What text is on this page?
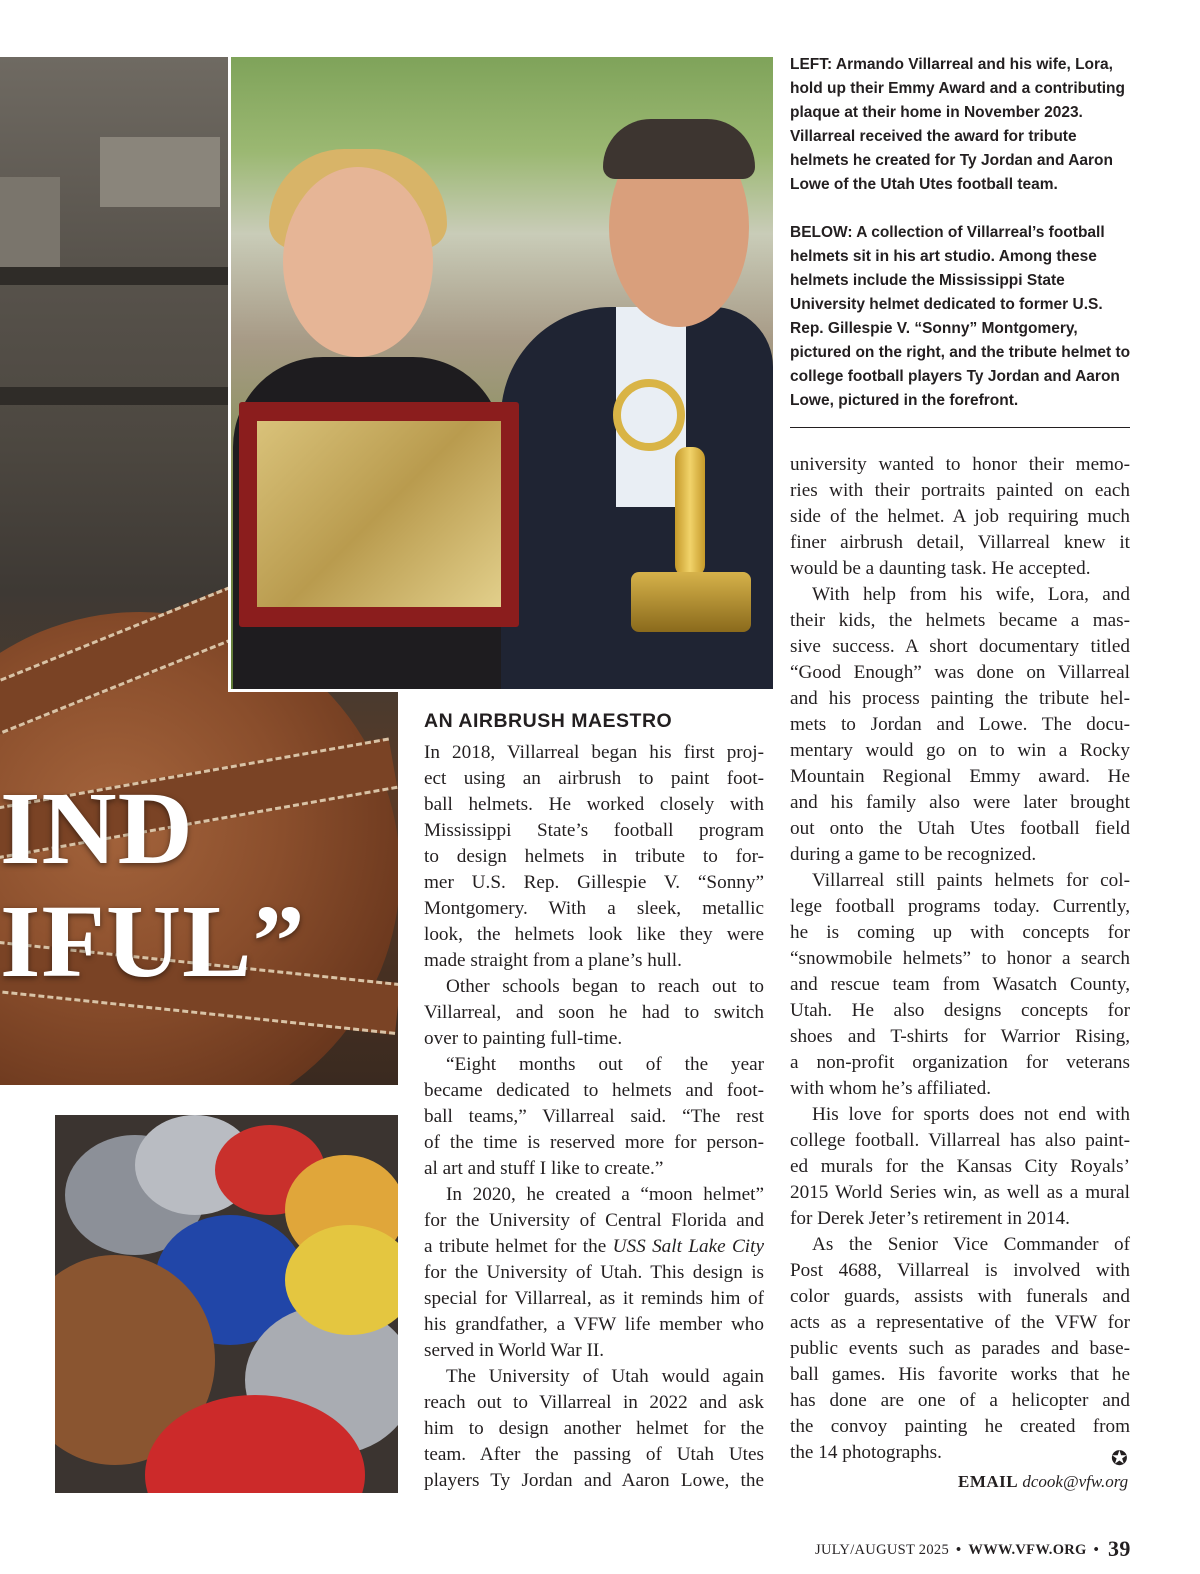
IND
IFUL”

LEFT: Armando Villarreal and his wife, Lora, hold up their Emmy Award and a contributing plaque at their home in November 2023. Villarreal received the award for tribute helmets he created for Ty Jordan and Aaron Lowe of the Utah Utes football team.

BELOW: A collection of Villarreal’s football helmets sit in his art studio. Among these helmets include the Mississippi State University helmet dedicated to former U.S. Rep. Gillespie V. “Sonny” Montgomery, pictured on the right, and the tribute helmet to college football players Ty Jordan and Aaron Lowe, pictured in the forefront.

AN AIRBRUSH MAESTRO
In 2018, Villarreal began his first proj-
ect using an airbrush to paint foot-
ball helmets. He worked closely with
Mississippi State’s football program
to design helmets in tribute to for-
mer U.S. Rep. Gillespie V. “Sonny”
Montgomery. With a sleek, metallic
look, the helmets look like they were
made straight from a plane’s hull.
Other schools began to reach out to
Villarreal, and soon he had to switch
over to painting full-time.
“Eight months out of the year
became dedicated to helmets and foot-
ball teams,” Villarreal said. “The rest
of the time is reserved more for person-
al art and stuff I like to create.”
In 2020, he created a “moon helmet”
for the University of Central Florida and
a tribute helmet for the USS Salt Lake City
for the University of Utah. This design is
special for Villarreal, as it reminds him of
his grandfather, a VFW life member who
served in World War II.
The University of Utah would again
reach out to Villarreal in 2022 and ask
him to design another helmet for the
team. After the passing of Utah Utes
players Ty Jordan and Aaron Lowe, the
university wanted to honor their memo-
ries with their portraits painted on each
side of the helmet. A job requiring much
finer airbrush detail, Villarreal knew it
would be a daunting task. He accepted.
With help from his wife, Lora, and
their kids, the helmets became a mas-
sive success. A short documentary titled
“Good Enough” was done on Villarreal
and his process painting the tribute hel-
mets to Jordan and Lowe. The docu-
mentary would go on to win a Rocky
Mountain Regional Emmy award. He
and his family also were later brought
out onto the Utah Utes football field
during a game to be recognized.
Villarreal still paints helmets for col-
lege football programs today. Currently,
he is coming up with concepts for
“snowmobile helmets” to honor a search
and rescue team from Wasatch County,
Utah. He also designs concepts for
shoes and T-shirts for Warrior Rising,
a non-profit organization for veterans
with whom he’s affiliated.
His love for sports does not end with
college football. Villarreal has also paint-
ed murals for the Kansas City Royals’
2015 World Series win, as well as a mural
for Derek Jeter’s retirement in 2014.
As the Senior Vice Commander of
Post 4688, Villarreal is involved with
color guards, assists with funerals and
acts as a representative of the VFW for
public events such as parades and base-
ball games. His favorite works that he
has done are one of a helicopter and
the convoy painting he created from
the 14 photographs.	✪
EMAIL dcook@vfw.org
JULY/AUGUST 2025 • WWW.VFW.ORG • 39
